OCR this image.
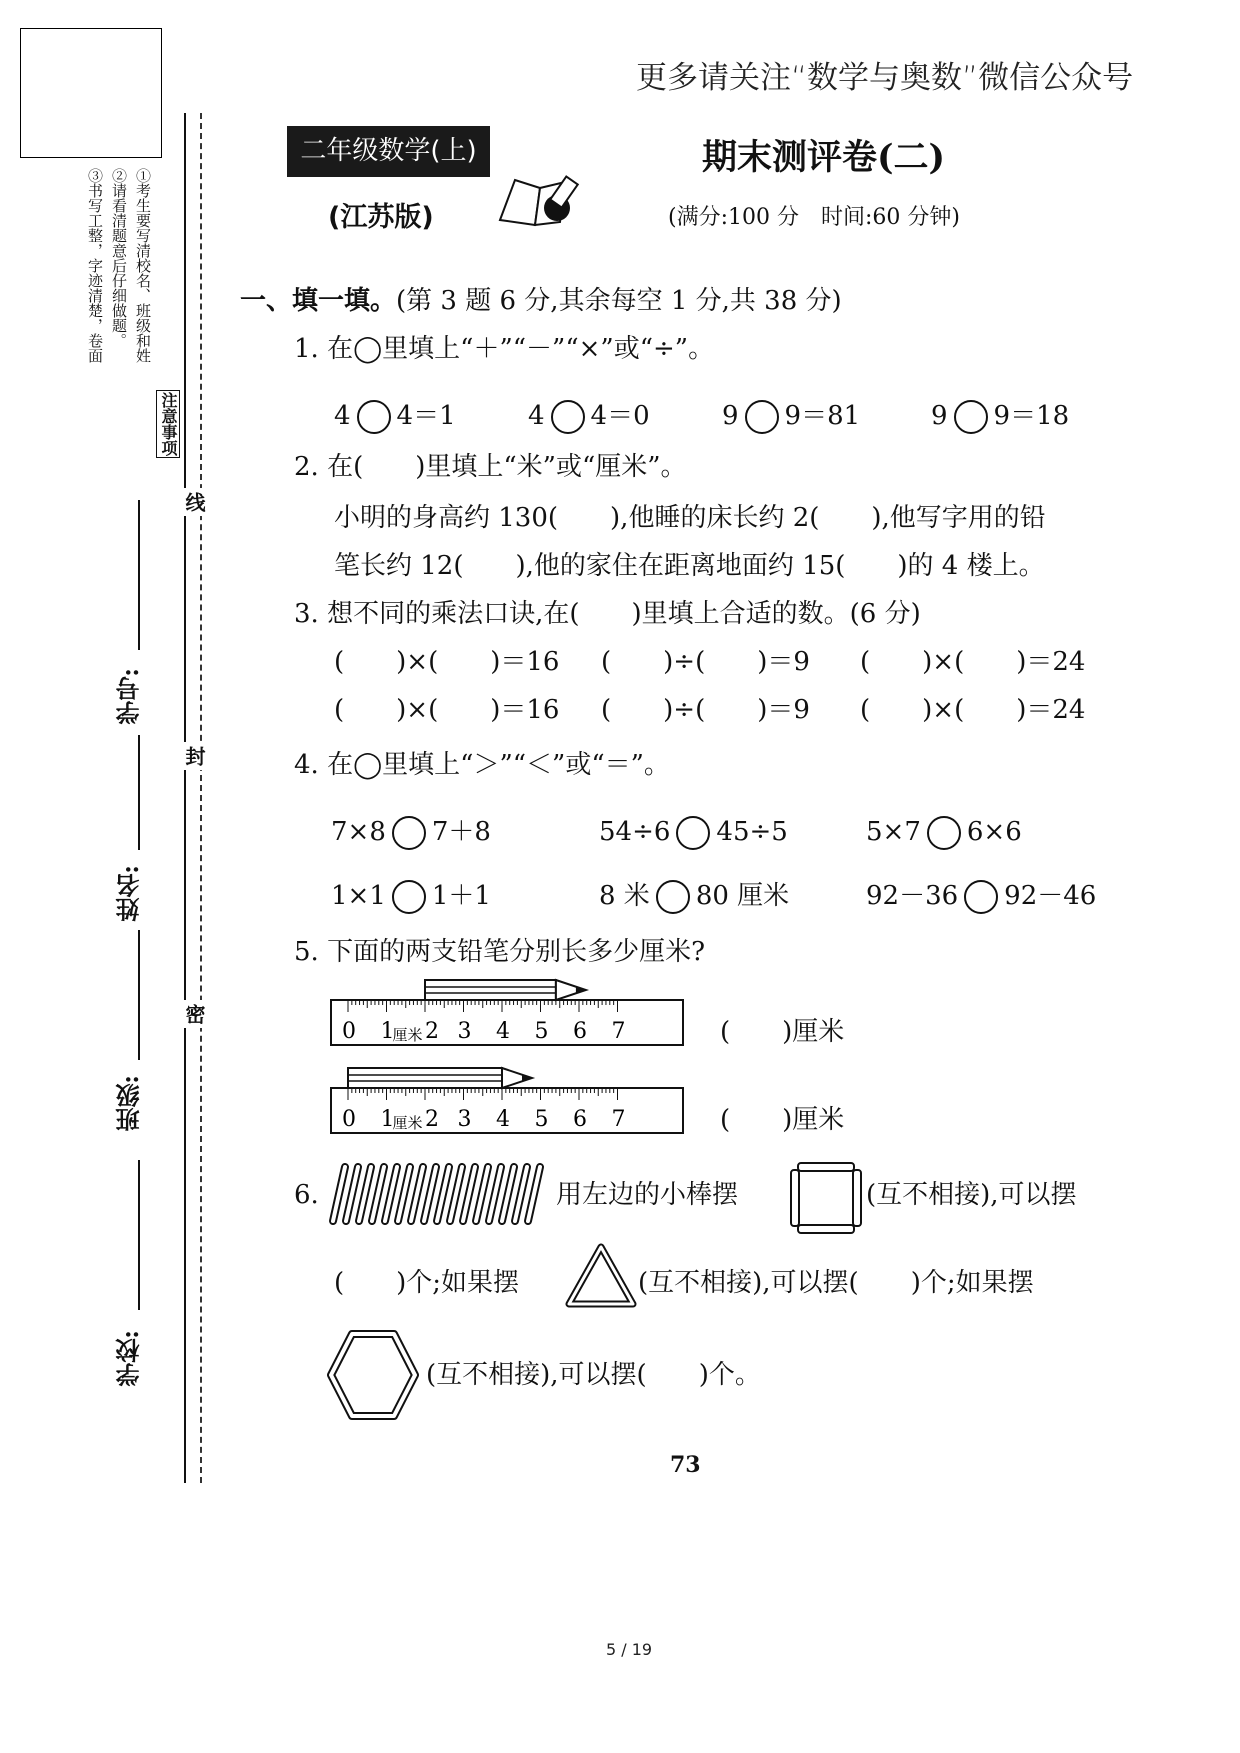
更多请关注“数学与奥数”微信公众号
注意事项
①考生要写清校名、班级和姓
②请看清题意后仔细做题。
③书写工整，字迹清楚，卷面
线
封
密
学号:
姓名:
班级:
学校:
二年级数学(上)
(江苏版)
期末测评卷(二)
(满分:100 分　时间:60 分钟)
一、填一填。(第 3 题 6 分,其余每空 1 分,共 38 分)
1. 在◯里填上“＋”“－”“×”或“÷”。
4 4＝1	4 4＝0	9 9＝81	9 9＝18
2. 在(　　)里填上“米”或“厘米”。
小明的身高约 130(　　),他睡的床长约 2(　　),他写字用的铅
笔长约 12(　　),他的家住在距离地面约 15(　　)的 4 楼上。
3. 想不同的乘法口诀,在(　　)里填上合适的数。(6 分)
(　　)×(　　)＝16 (　　)÷(　　)＝9 (　　)×(　　)＝24
(　　)×(　　)＝16 (　　)÷(　　)＝9 (　　)×(　　)＝24
4. 在◯里填上“＞”“＜”或“＝”。
7×8 7＋8	54÷6 45÷5	5×7 6×6
1×1 1＋1	8 米 80 厘米	92－36 92－46
5. 下面的两支铅笔分别长多少厘米?
0 1 2 3 4 5 6 7
厘米	(　　)厘米
0 1 2 3 4 5 6 7
厘米	(　　)厘米
6.	用左边的小棒摆	(互不相接),可以摆
(　　)个;如果摆	(互不相接),可以摆(　　)个;如果摆
(互不相接),可以摆(　　)个。
73
5 / 19
